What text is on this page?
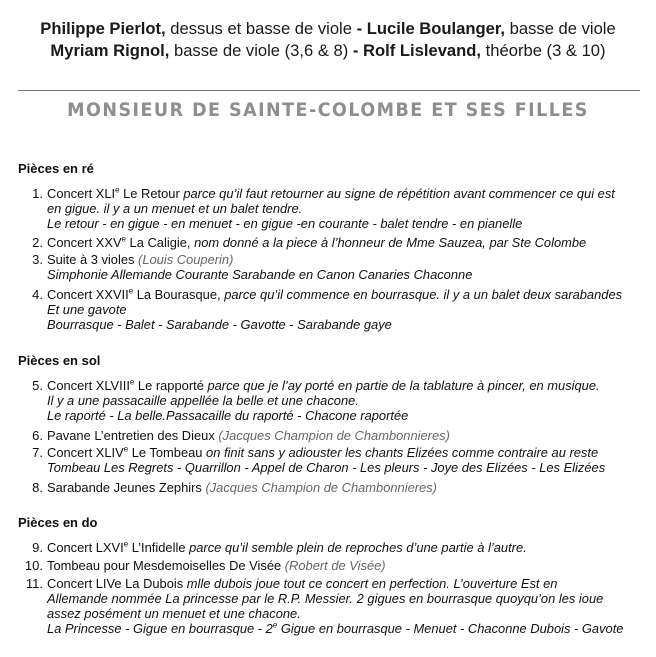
Philippe Pierlot, dessus et basse de viole - Lucile Boulanger, basse de viole
Myriam Rignol, basse de viole (3,6 & 8) - Rolf Lislevand, théorbe (3 & 10)
MONSIEUR DE SAINTE-COLOMBE ET SES FILLES
Pièces en ré
1. Concert XLIe Le Retour parce qu’il faut retourner au signe de répétition avant commencer ce qui est
en gigue. il y a un menuet et un balet tendre.
Le retour - en gigue - en menuet - en gigue -en courante - balet tendre - en pianelle
2. Concert XXVe La Caligie, nom donné a la piece à l’honneur de Mme Sauzea, par Ste Colombe
3. Suite à 3 violes (Louis Couperin)
Simphonie Allemande Courante Sarabande en Canon Canaries Chaconne
4. Concert XXVIIe La Bourasque, parce qu’il commence en bourrasque. il y a un balet deux sarabandes
Et une gavote
Bourrasque - Balet - Sarabande - Gavotte - Sarabande gaye
Pièces en sol
5. Concert XLVIIIe Le rapporté parce que je l’ay porté en partie de la tablature à pincer, en musique.
Il y a une passacaille appellée la belle et une chacone.
Le raporté - La belle.Passacaille du raporté - Chacone raportée
6. Pavane L’entretien des Dieux (Jacques Champion de Chambonnieres)
7. Concert XLIVe Le Tombeau on finit sans y adiouster les chants Elizées comme contraire au reste
Tombeau Les Regrets - Quarrillon - Appel de Charon - Les pleurs - Joye des Elizées - Les Elizées
8. Sarabande Jeunes Zephirs (Jacques Champion de Chambonnieres)
Pièces en do
9. Concert LXVIe L’Infidelle parce qu’il semble plein de reproches d’une partie à l’autre.
10. Tombeau pour Mesdemoiselles De Visée (Robert de Visée)
11. Concert LIVe La Dubois mlle dubois joue tout ce concert en perfection. L’ouverture Est en
Allemande nommée La princesse par le R.P. Messier. 2 gigues en bourrasque quoyqu’on les ioue
assez posément un menuet et une chacone.
La Princesse - Gigue en bourrasque - 2e Gigue en bourrasque - Menuet - Chaconne Dubois - Gavote
